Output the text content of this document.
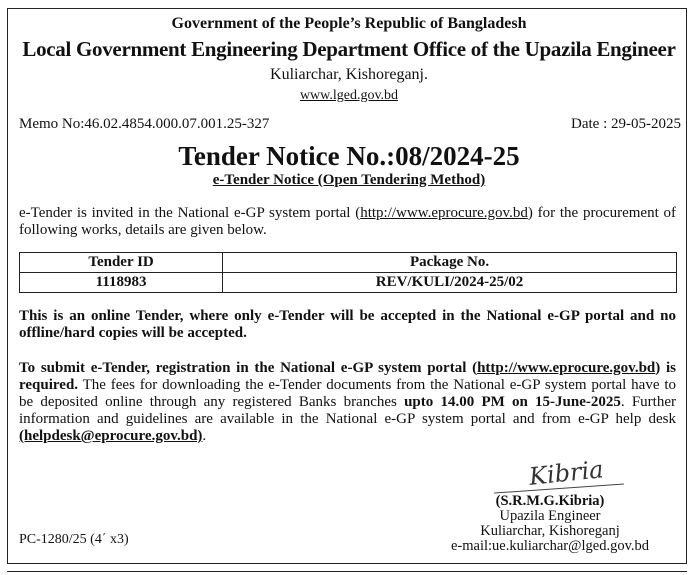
Government of the People’s Republic of Bangladesh
Local Government Engineering Department Office of the Upazila Engineer
Kuliarchar, Kishoreganj.
www.lged.gov.bd
Memo No:46.02.4854.000.07.001.25-327	Date : 29-05-2025
Tender Notice No.:08/2024-25
e-Tender Notice (Open Tendering Method)
e-Tender is invited in the National e-GP system portal (http://www.eprocure.gov.bd) for the procurement of following works, details are given below.
Tender ID	Package No.
1118983	REV/KULI/2024-25/02
This is an online Tender, where only e-Tender will be accepted in the National e-GP portal and no offline/hard copies will be accepted.
To submit e-Tender, registration in the National e-GP system portal (http://www.eprocure.gov.bd) is required. The fees for downloading the e-Tender documents from the National e-GP system portal have to be deposited online through any registered Banks branches upto 14.00 PM on 15-June-2025. Further information and guidelines are available in the National e-GP system portal and from e-GP help desk (helpdesk@eprocure.gov.bd).
Kibria
(S.R.M.G.Kibria)
Upazila Engineer
Kuliarchar, Kishoreganj
e-mail:ue.kuliarchar@lged.gov.bd
PC-1280/25 (4΄ x3)
